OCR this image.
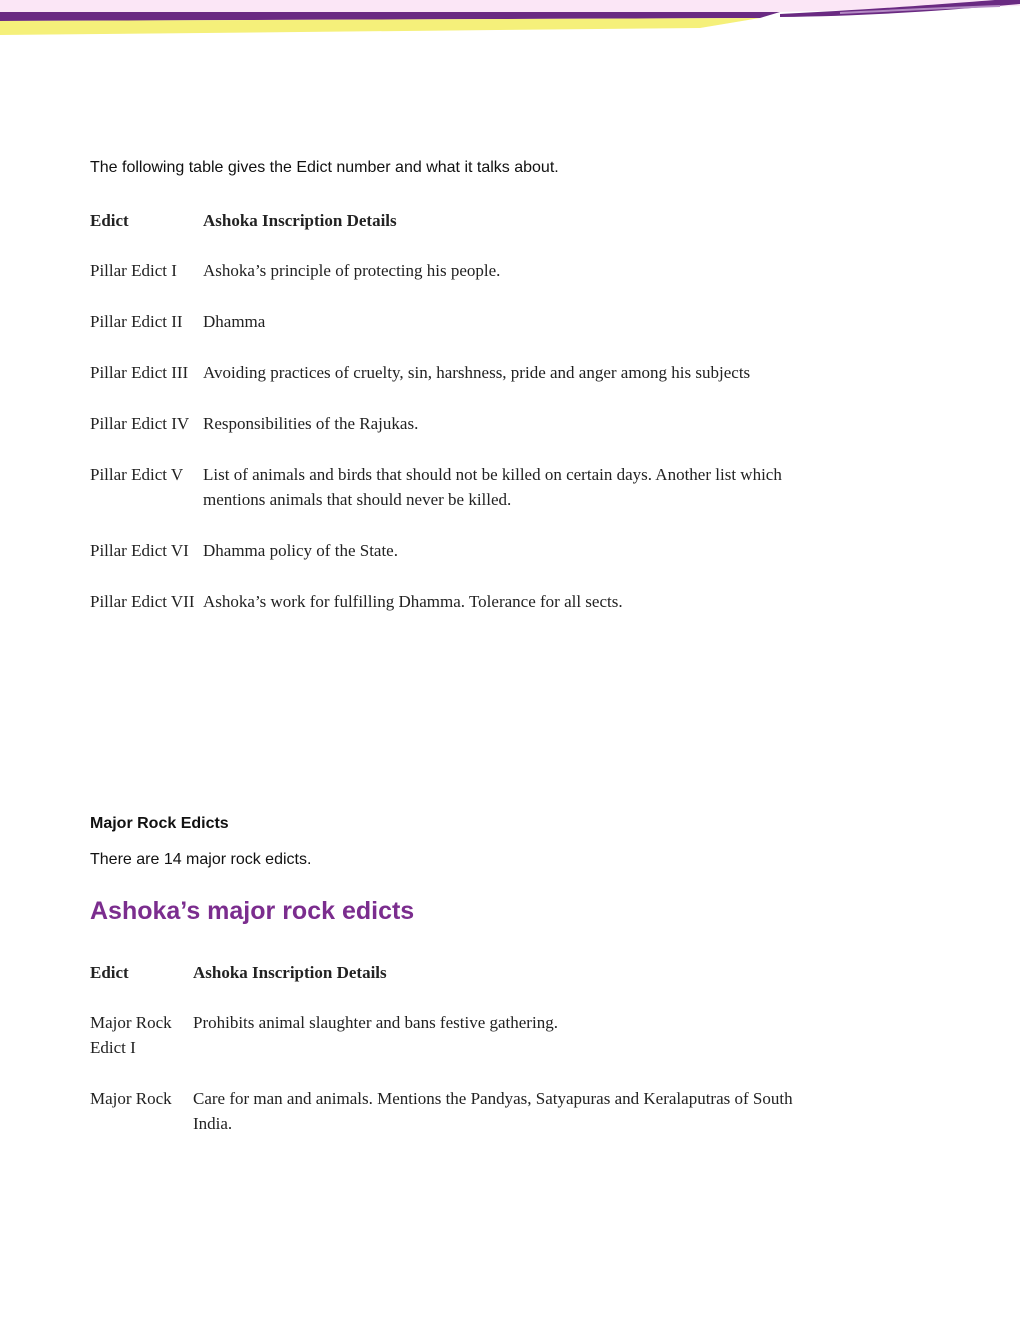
The following table gives the Edict number and what it talks about.
Edict	Ashoka Inscription Details
Pillar Edict I	Ashoka’s principle of protecting his people.
Pillar Edict II	Dhamma
Pillar Edict III	Avoiding practices of cruelty, sin, harshness, pride and anger among his subjects
Pillar Edict IV	Responsibilities of the Rajukas.
Pillar Edict V	List of animals and birds that should not be killed on certain days. Another list which mentions animals that should never be killed.
Pillar Edict VI	Dhamma policy of the State.
Pillar Edict VII	Ashoka’s work for fulfilling Dhamma. Tolerance for all sects.
Major Rock Edicts
There are 14 major rock edicts.
Ashoka’s major rock edicts
Edict	Ashoka Inscription Details
Major Rock Edict I	Prohibits animal slaughter and bans festive gathering.
Major Rock	Care for man and animals. Mentions the Pandyas, Satyapuras and Keralaputras of South India.
